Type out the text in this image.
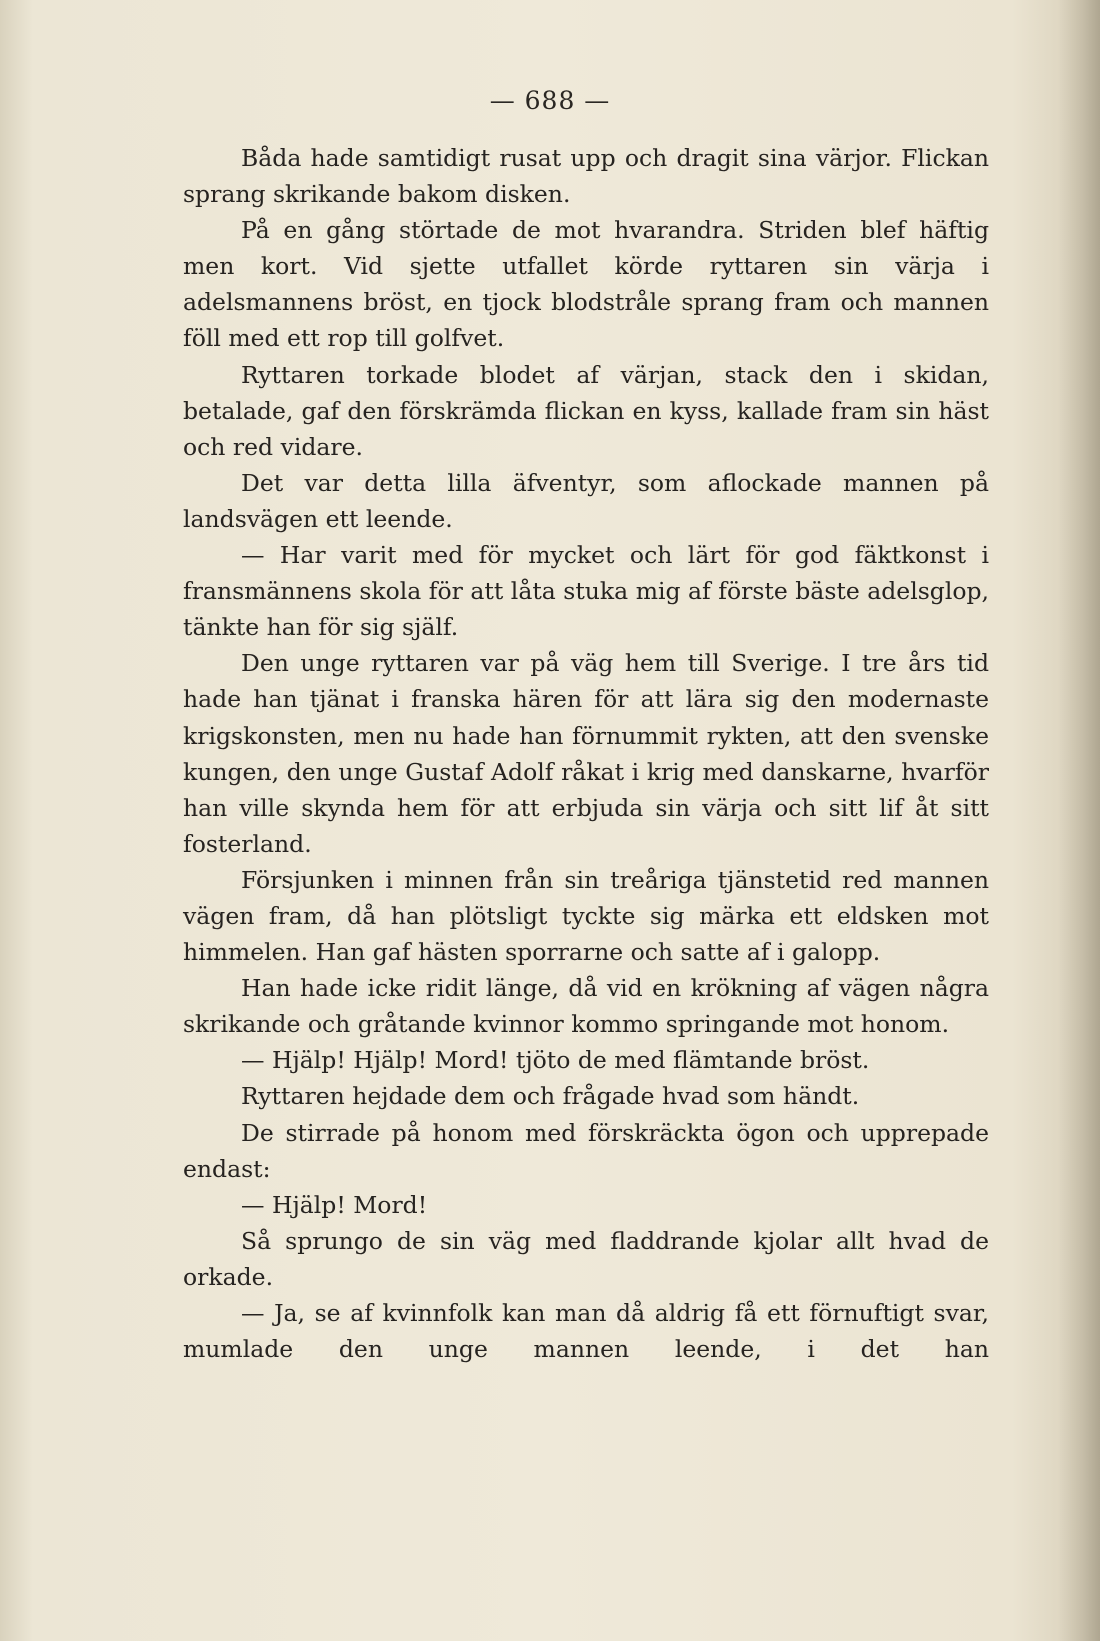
— 688 —

Båda hade samtidigt rusat upp och dragit sina värjor. Flickan sprang skrikande bakom disken.

På en gång störtade de mot hvarandra. Striden blef häftig men kort. Vid sjette utfallet körde ryttaren sin värja i adelsmannens bröst, en tjock blodstråle sprang fram och mannen föll med ett rop till golfvet.

Ryttaren torkade blodet af värjan, stack den i skidan, betalade, gaf den förskrämda flickan en kyss, kallade fram sin häst och red vidare.

Det var detta lilla äfventyr, som aflockade mannen på landsvägen ett leende.

— Har varit med för mycket och lärt för god fäktkonst i fransmännens skola för att låta stuka mig af förste bäste adelsglop, tänkte han för sig själf.

Den unge ryttaren var på väg hem till Sverige. I tre års tid hade han tjänat i franska hären för att lära sig den modernaste krigskonsten, men nu hade han förnummit rykten, att den svenske kungen, den unge Gustaf Adolf råkat i krig med danskarne, hvarför han ville skynda hem för att erbjuda sin värja och sitt lif åt sitt fosterland.

Försjunken i minnen från sin treåriga tjänstetid red mannen vägen fram, då han plötsligt tyckte sig märka ett eldsken mot himmelen. Han gaf hästen sporrarne och satte af i galopp.

Han hade icke ridit länge, då vid en krökning af vägen några skrikande och gråtande kvinnor kommo springande mot honom.

— Hjälp! Hjälp! Mord! tjöto de med flämtande bröst.

Ryttaren hejdade dem och frågade hvad som händt.

De stirrade på honom med förskräckta ögon och upprepade endast:

— Hjälp! Mord!

Så sprungo de sin väg med fladdrande kjolar allt hvad de orkade.

— Ja, se af kvinnfolk kan man då aldrig få ett förnuftigt svar, mumlade den unge mannen leende, i det han
